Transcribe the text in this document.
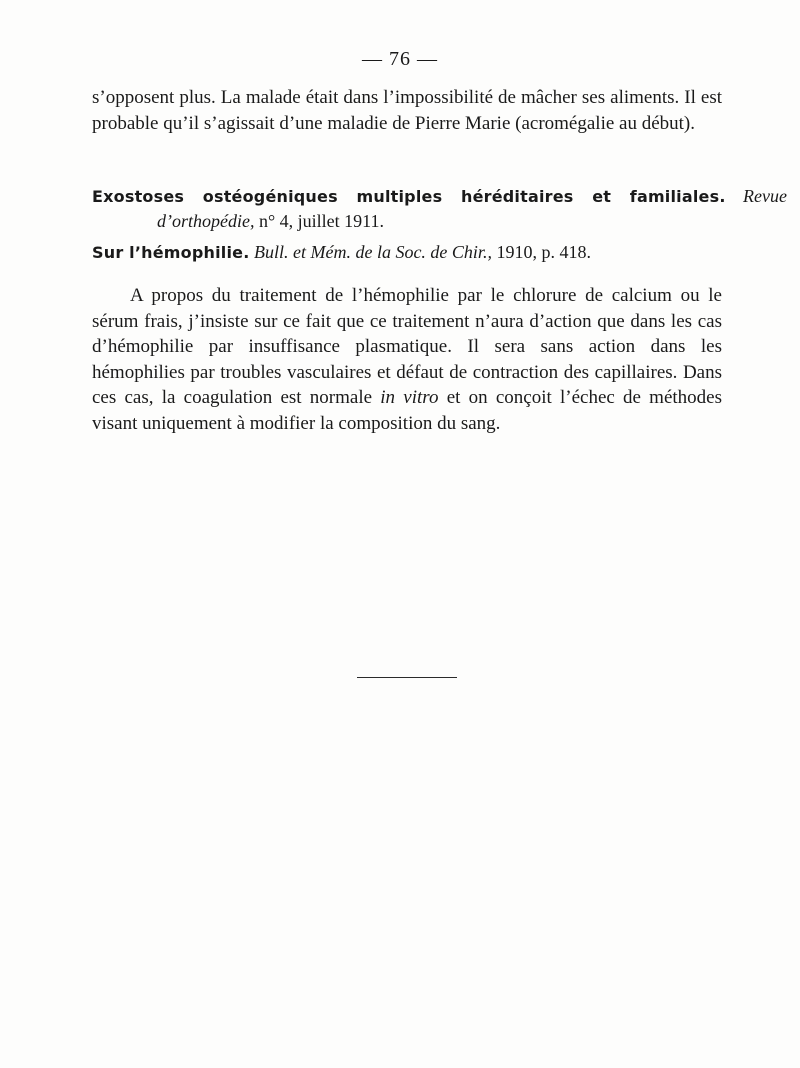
— 76 —
s’opposent plus. La malade était dans l’impossibilité de mâcher ses aliments. Il est
probable qu’il s’agissait d’une maladie de Pierre Marie (acromégalie au début).
Exostoses ostéogéniques multiples héréditaires et familiales. Revue d’orthopédie, n° 4, juillet 1911.
Sur l’hémophilie. Bull. et Mém. de la Soc. de Chir., 1910, p. 418.
A propos du traitement de l’hémophilie par le chlorure de calcium ou le sérum frais, j’insiste sur ce fait que ce traitement n’aura d’action que dans les cas d’hémophilie par insuffisance plasmatique. Il sera sans action dans les hémophilies par troubles vasculaires et défaut de contraction des capillaires. Dans ces cas, la coagulation est normale in vitro et on conçoit l’échec de méthodes visant uniquement à modifier la composition du sang.
